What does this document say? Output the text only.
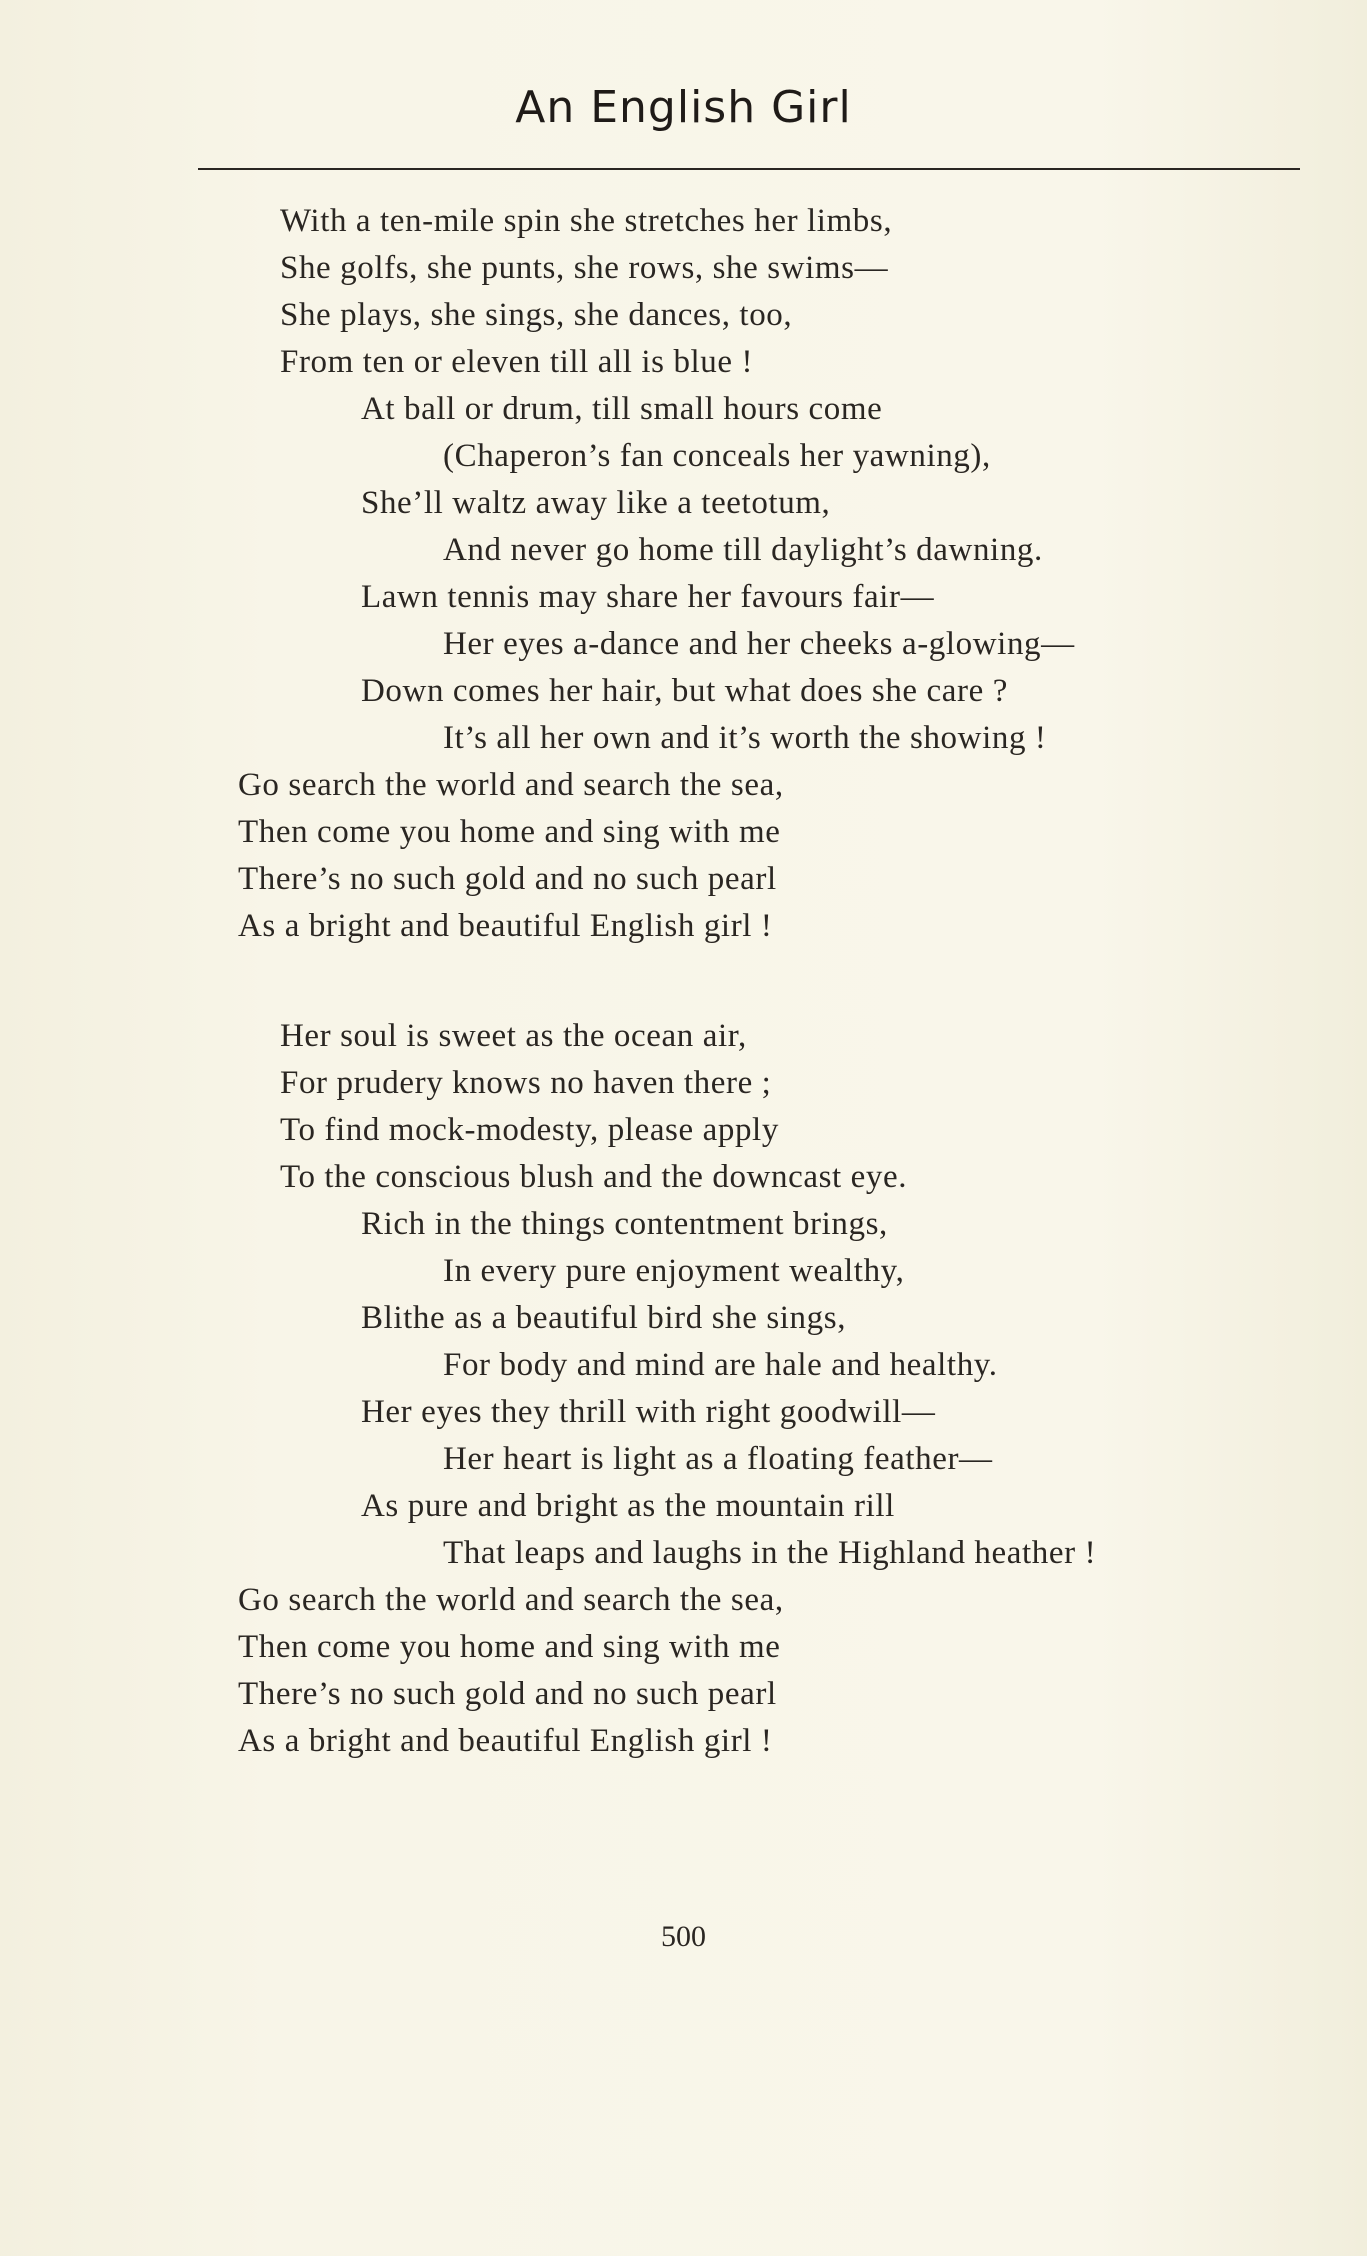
An English Girl
With a ten-mile spin she stretches her limbs,
She golfs, she punts, she rows, she swims—
She plays, she sings, she dances, too,
From ten or eleven till all is blue !
At ball or drum, till small hours come
(Chaperon’s fan conceals her yawning),
She’ll waltz away like a teetotum,
And never go home till daylight’s dawning.
Lawn tennis may share her favours fair—
Her eyes a-dance and her cheeks a-glowing—
Down comes her hair, but what does she care ?
It’s all her own and it’s worth the showing !
Go search the world and search the sea,
Then come you home and sing with me
There’s no such gold and no such pearl
As a bright and beautiful English girl !
Her soul is sweet as the ocean air,
For prudery knows no haven there ;
To find mock-modesty, please apply
To the conscious blush and the downcast eye.
Rich in the things contentment brings,
In every pure enjoyment wealthy,
Blithe as a beautiful bird she sings,
For body and mind are hale and healthy.
Her eyes they thrill with right goodwill—
Her heart is light as a floating feather—
As pure and bright as the mountain rill
That leaps and laughs in the Highland heather !
Go search the world and search the sea,
Then come you home and sing with me
There’s no such gold and no such pearl
As a bright and beautiful English girl !
500
